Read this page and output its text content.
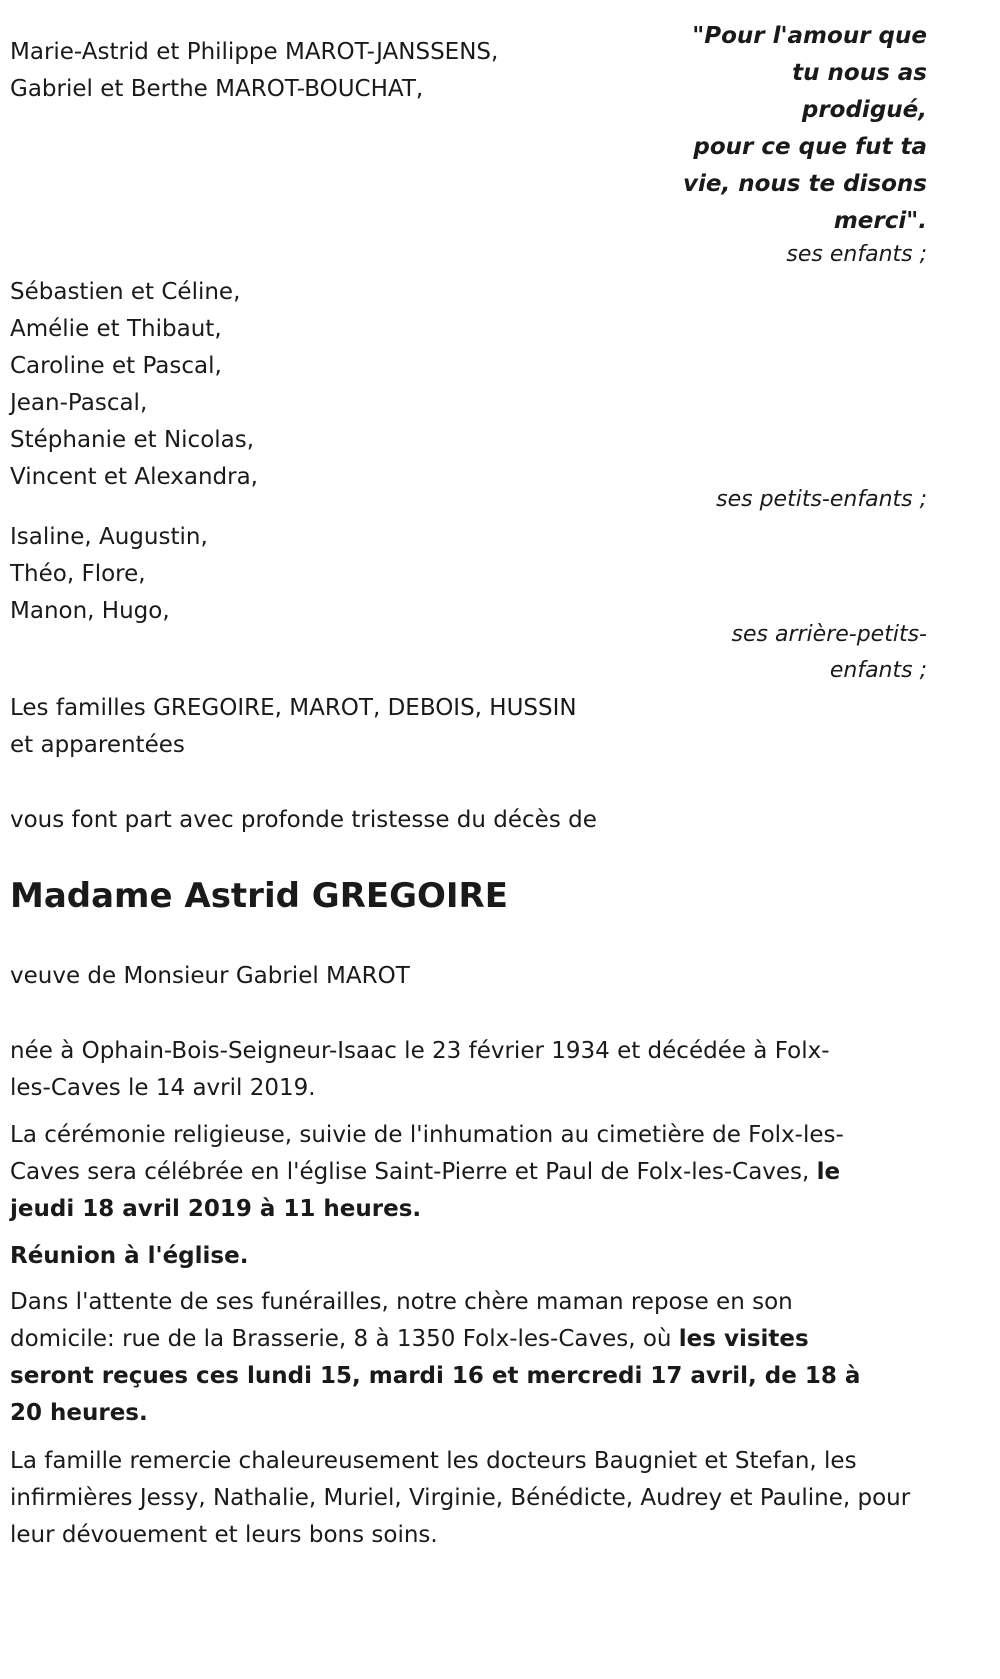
"Pour l'amour que
tu nous as
prodigué,
pour ce que fut ta
vie, nous te disons
merci".
Marie-Astrid et Philippe MAROT-JANSSENS,
Gabriel et Berthe MAROT-BOUCHAT,
ses enfants ;
Sébastien et Céline,
Amélie et Thibaut,
Caroline et Pascal,
Jean-Pascal,
Stéphanie et Nicolas,
Vincent et Alexandra,
ses petits-enfants ;
Isaline, Augustin,
Théo, Flore,
Manon, Hugo,
ses arrière-petits-
enfants ;
Les familles GREGOIRE, MAROT, DEBOIS, HUSSIN
et apparentées
vous font part avec profonde tristesse du décès de
Madame Astrid GREGOIRE
veuve de Monsieur Gabriel MAROT
née à Ophain-Bois-Seigneur-Isaac le 23 février 1934 et décédée à Folx-les-Caves le 14 avril 2019.
La cérémonie religieuse, suivie de l'inhumation au cimetière de Folx-les-Caves sera célébrée en l'église Saint-Pierre et Paul de Folx-les-Caves, le jeudi 18 avril 2019 à 11 heures.
Réunion à l'église.
Dans l'attente de ses funérailles, notre chère maman repose en son domicile: rue de la Brasserie, 8 à 1350 Folx-les-Caves, où les visites seront reçues ces lundi 15, mardi 16 et mercredi 17 avril, de 18 à 20 heures.
La famille remercie chaleureusement les docteurs Baugniet et Stefan, les infirmières Jessy, Nathalie, Muriel, Virginie, Bénédicte, Audrey et Pauline, pour leur dévouement et leurs bons soins.
